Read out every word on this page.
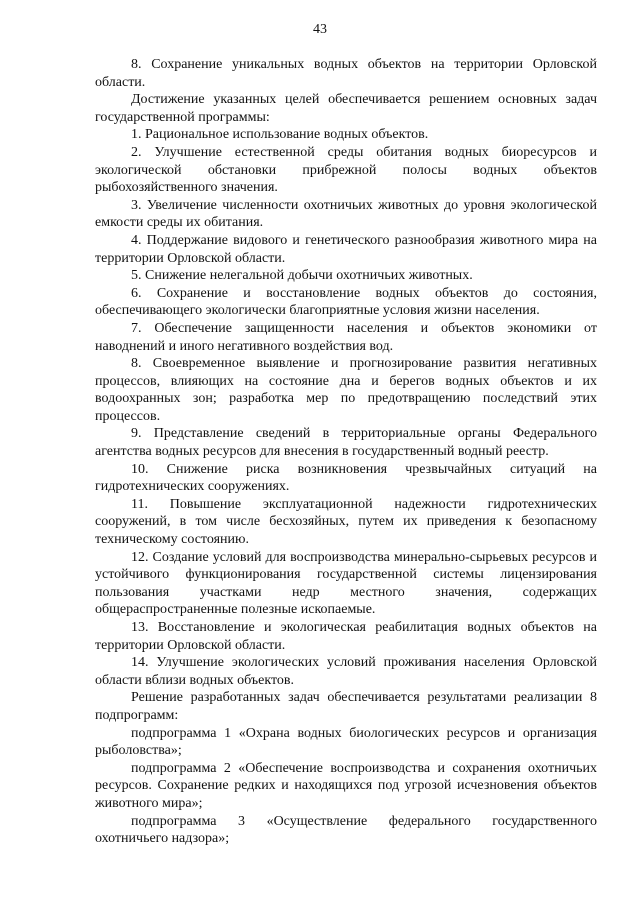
43

8. Сохранение уникальных водных объектов на территории Орловской области.

Достижение указанных целей обеспечивается решением основных задач государственной программы:

1. Рациональное использование водных объектов.

2. Улучшение естественной среды обитания водных биоресурсов и экологической обстановки прибрежной полосы водных объектов рыбохозяйственного значения.

3. Увеличение численности охотничьих животных до уровня экологической емкости среды их обитания.

4. Поддержание видового и генетического разнообразия животного мира на территории Орловской области.

5. Снижение нелегальной добычи охотничьих животных.

6. Сохранение и восстановление водных объектов до состояния, обеспечивающего экологически благоприятные условия жизни населения.

7. Обеспечение защищенности населения и объектов экономики от наводнений и иного негативного воздействия вод.

8. Своевременное выявление и прогнозирование развития негативных процессов, влияющих на состояние дна и берегов водных объектов и их водоохранных зон; разработка мер по предотвращению последствий этих процессов.

9. Представление сведений в территориальные органы Федерального агентства водных ресурсов для внесения в государственный водный реестр.

10. Снижение риска возникновения чрезвычайных ситуаций на гидротехнических сооружениях.

11. Повышение эксплуатационной надежности гидротехнических сооружений, в том числе бесхозяйных, путем их приведения к безопасному техническому состоянию.

12. Создание условий для воспроизводства минерально-сырьевых ресурсов и устойчивого функционирования государственной системы лицензирования пользования участками недр местного значения, содержащих общераспространенные полезные ископаемые.

13. Восстановление и экологическая реабилитация водных объектов на территории Орловской области.

14. Улучшение экологических условий проживания населения Орловской области вблизи водных объектов.

Решение разработанных задач обеспечивается результатами реализации 8 подпрограмм:

подпрограмма 1 «Охрана водных биологических ресурсов и организация рыболовства»;

подпрограмма 2 «Обеспечение воспроизводства и сохранения охотничьих ресурсов. Сохранение редких и находящихся под угрозой исчезновения объектов животного мира»;

подпрограмма 3 «Осуществление федерального государственного охотничьего надзора»;
